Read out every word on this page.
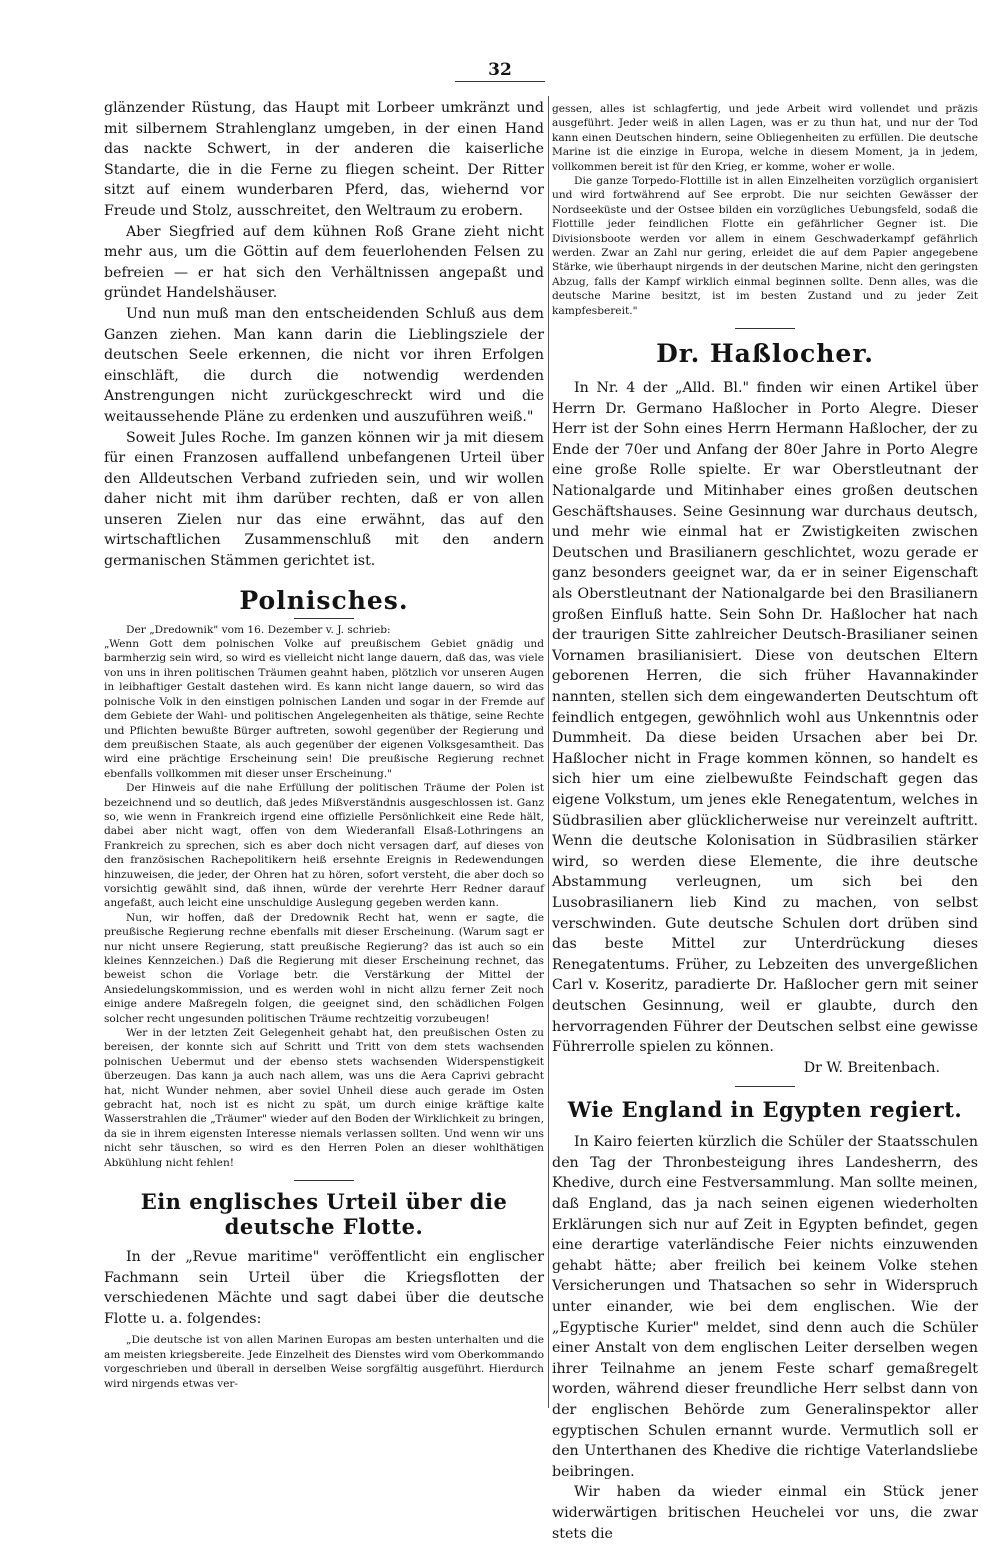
32

glänzender Rüstung, das Haupt mit Lorbeer umkränzt und mit silbernem Strahlenglanz umgeben, in der einen Hand das nackte Schwert, in der anderen die kaiserliche Standarte, die in die Ferne zu fliegen scheint. Der Ritter sitzt auf einem wunderbaren Pferd, das, wiehernd vor Freude und Stolz, ausschreitet, den Weltraum zu erobern.

Aber Siegfried auf dem kühnen Roß Grane zieht nicht mehr aus, um die Göttin auf dem feuerlohenden Felsen zu befreien — er hat sich den Verhältnissen angepaßt und gründet Handelshäuser.

Und nun muß man den entscheidenden Schluß aus dem Ganzen ziehen. Man kann darin die Lieblingsziele der deutschen Seele erkennen, die nicht vor ihren Erfolgen einschläft, die durch die notwendig werdenden Anstrengungen nicht zurückgeschreckt wird und die weitaussehende Pläne zu erdenken und auszuführen weiß."

Soweit Jules Roche. Im ganzen können wir ja mit diesem für einen Franzosen auffallend unbefangenen Urteil über den Alldeutschen Verband zufrieden sein, und wir wollen daher nicht mit ihm darüber rechten, daß er von allen unseren Zielen nur das eine erwähnt, das auf den wirtschaftlichen Zusammenschluß mit den andern germanischen Stämmen gerichtet ist.

Polnisches.

Der „Dredownik" vom 16. Dezember v. J. schrieb:

„Wenn Gott dem polnischen Volke auf preußischem Gebiet gnädig und barmherzig sein wird, so wird es vielleicht nicht lange dauern, daß das, was viele von uns in ihren politischen Träumen geahnt haben, plötzlich vor unseren Augen in leibhaftiger Gestalt dastehen wird. Es kann nicht lange dauern, so wird das polnische Volk in den einstigen polnischen Landen und sogar in der Fremde auf dem Gebiete der Wahl- und politischen Angelegenheiten als thätige, seine Rechte und Pflichten bewußte Bürger auftreten, sowohl gegenüber der Regierung und dem preußischen Staate, als auch gegenüber der eigenen Volksgesamtheit. Das wird eine prächtige Erscheinung sein! Die preußische Regierung rechnet ebenfalls vollkommen mit dieser unser Erscheinung."

Der Hinweis auf die nahe Erfüllung der politischen Träume der Polen ist bezeichnend und so deutlich, daß jedes Mißverständnis ausgeschlossen ist. Ganz so, wie wenn in Frankreich irgend eine offizielle Persönlichkeit eine Rede hält, dabei aber nicht wagt, offen von dem Wiederanfall Elsaß-Lothringens an Frankreich zu sprechen, sich es aber doch nicht versagen darf, auf dieses von den französischen Rachepolitikern heiß ersehnte Ereignis in Redewendungen hinzuweisen, die jeder, der Ohren hat zu hören, sofort versteht, die aber doch so vorsichtig gewählt sind, daß ihnen, würde der verehrte Herr Redner darauf angefaßt, auch leicht eine unschuldige Auslegung gegeben werden kann.

Nun, wir hoffen, daß der Dredownik Recht hat, wenn er sagte, die preußische Regierung rechne ebenfalls mit dieser Erscheinung. (Warum sagt er nur nicht unsere Regierung, statt preußische Regierung? das ist auch so ein kleines Kennzeichen.) Daß die Regierung mit dieser Erscheinung rechnet, das beweist schon die Vorlage betr. die Verstärkung der Mittel der Ansiedelungskommission, und es werden wohl in nicht allzu ferner Zeit noch einige andere Maßregeln folgen, die geeignet sind, den schädlichen Folgen solcher recht ungesunden politischen Träume rechtzeitig vorzubeugen!

Wer in der letzten Zeit Gelegenheit gehabt hat, den preußischen Osten zu bereisen, der konnte sich auf Schritt und Tritt von dem stets wachsenden polnischen Uebermut und der ebenso stets wachsenden Widerspenstigkeit überzeugen. Das kann ja auch nach allem, was uns die Aera Caprivi gebracht hat, nicht Wunder nehmen, aber soviel Unheil diese auch gerade im Osten gebracht hat, noch ist es nicht zu spät, um durch einige kräftige kalte Wasserstrahlen die „Träumer" wieder auf den Boden der Wirklichkeit zu bringen, da sie in ihrem eigensten Interesse niemals verlassen sollten. Und wenn wir uns nicht sehr täuschen, so wird es den Herren Polen an dieser wohlthätigen Abkühlung nicht fehlen!

Ein englisches Urteil über die deutsche Flotte.

In der „Revue maritime" veröffentlicht ein englischer Fachmann sein Urteil über die Kriegsflotten der verschiedenen Mächte und sagt dabei über die deutsche Flotte u. a. folgendes:

„Die deutsche ist von allen Marinen Europas am besten unterhalten und die am meisten kriegsbereite. Jede Einzelheit des Dienstes wird vom Oberkommando vorgeschrieben und überall in derselben Weise sorgfältig ausgeführt. Hierdurch wird nirgends etwas ver-

gessen, alles ist schlagfertig, und jede Arbeit wird vollendet und präzis ausgeführt. Jeder weiß in allen Lagen, was er zu thun hat, und nur der Tod kann einen Deutschen hindern, seine Obliegenheiten zu erfüllen. Die deutsche Marine ist die einzige in Europa, welche in diesem Moment, ja in jedem, vollkommen bereit ist für den Krieg, er komme, woher er wolle.

Die ganze Torpedo-Flottille ist in allen Einzelheiten vorzüglich organisiert und wird fortwährend auf See erprobt. Die nur seichten Gewässer der Nordseeküste und der Ostsee bilden ein vorzügliches Uebungsfeld, sodaß die Flottille jeder feindlichen Flotte ein gefährlicher Gegner ist. Die Divisionsboote werden vor allem in einem Geschwaderkampf gefährlich werden. Zwar an Zahl nur gering, erleidet die auf dem Papier angegebene Stärke, wie überhaupt nirgends in der deutschen Marine, nicht den geringsten Abzug, falls der Kampf wirklich einmal beginnen sollte. Denn alles, was die deutsche Marine besitzt, ist im besten Zustand und zu jeder Zeit kampfesbereit."

Dr. Haßlocher.

In Nr. 4 der „Alld. Bl." finden wir einen Artikel über Herrn Dr. Germano Haßlocher in Porto Alegre. Dieser Herr ist der Sohn eines Herrn Hermann Haßlocher, der zu Ende der 70er und Anfang der 80er Jahre in Porto Alegre eine große Rolle spielte. Er war Oberstleutnant der Nationalgarde und Mitinhaber eines großen deutschen Geschäftshauses. Seine Gesinnung war durchaus deutsch, und mehr wie einmal hat er Zwistigkeiten zwischen Deutschen und Brasilianern geschlichtet, wozu gerade er ganz besonders geeignet war, da er in seiner Eigenschaft als Oberstleutnant der Nationalgarde bei den Brasilianern großen Einfluß hatte. Sein Sohn Dr. Haßlocher hat nach der traurigen Sitte zahlreicher Deutsch-Brasilianer seinen Vornamen brasilianisiert. Diese von deutschen Eltern geborenen Herren, die sich früher Havannakinder nannten, stellen sich dem eingewanderten Deutschtum oft feindlich entgegen, gewöhnlich wohl aus Unkenntnis oder Dummheit. Da diese beiden Ursachen aber bei Dr. Haßlocher nicht in Frage kommen können, so handelt es sich hier um eine zielbewußte Feindschaft gegen das eigene Volkstum, um jenes ekle Renegatentum, welches in Südbrasilien aber glücklicherweise nur vereinzelt auftritt. Wenn die deutsche Kolonisation in Südbrasilien stärker wird, so werden diese Elemente, die ihre deutsche Abstammung verleugnen, um sich bei den Lusobrasilianern lieb Kind zu machen, von selbst verschwinden. Gute deutsche Schulen dort drüben sind das beste Mittel zur Unterdrückung dieses Renegatentums. Früher, zu Lebzeiten des unvergeßlichen Carl v. Koseritz, paradierte Dr. Haßlocher gern mit seiner deutschen Gesinnung, weil er glaubte, durch den hervorragenden Führer der Deutschen selbst eine gewisse Führerrolle spielen zu können.

Dr W. Breitenbach.

Wie England in Egypten regiert.

In Kairo feierten kürzlich die Schüler der Staatsschulen den Tag der Thronbesteigung ihres Landesherrn, des Khedive, durch eine Festversammlung. Man sollte meinen, daß England, das ja nach seinen eigenen wiederholten Erklärungen sich nur auf Zeit in Egypten befindet, gegen eine derartige vaterländische Feier nichts einzuwenden gehabt hätte; aber freilich bei keinem Volke stehen Versicherungen und Thatsachen so sehr in Widerspruch unter einander, wie bei dem englischen. Wie der „Egyptische Kurier" meldet, sind denn auch die Schüler einer Anstalt von dem englischen Leiter derselben wegen ihrer Teilnahme an jenem Feste scharf gemaßregelt worden, während dieser freundliche Herr selbst dann von der englischen Behörde zum Generalinspektor aller egyptischen Schulen ernannt wurde. Vermutlich soll er den Unterthanen des Khedive die richtige Vaterlandsliebe beibringen.

Wir haben da wieder einmal ein Stück jener widerwärtigen britischen Heuchelei vor uns, die zwar stets die
